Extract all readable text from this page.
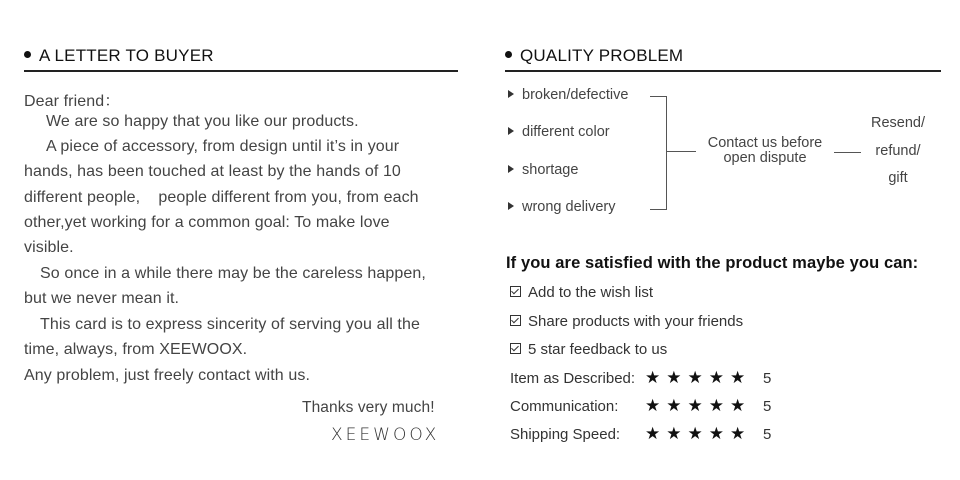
A LETTER TO BUYER
Dear friend：
We are so happy that you like our products.
A piece of accessory, from design until it’s in your
hands, has been touched at least by the hands of 10
different people,    people different from you, from each
other,yet working for a common goal: To make love
visible.
So once in a while there may be the careless happen,
but we never mean it.
This card is to express sincerity of serving you all the
time, always, from XEEWOOX.
Any problem, just freely contact with us.
Thanks very much!
XEEWOOX
QUALITY PROBLEM
broken/defective
different color
shortage
wrong delivery
Contact us before
open dispute
Resend/
refund/
gift
If you are satisfied with the product maybe you can:
Add to the wish list
Share products with your friends
5 star feedback to us
Item as Described: ★★★★★ 5
Communication: ★★★★★ 5
Shipping Speed: ★★★★★ 5
